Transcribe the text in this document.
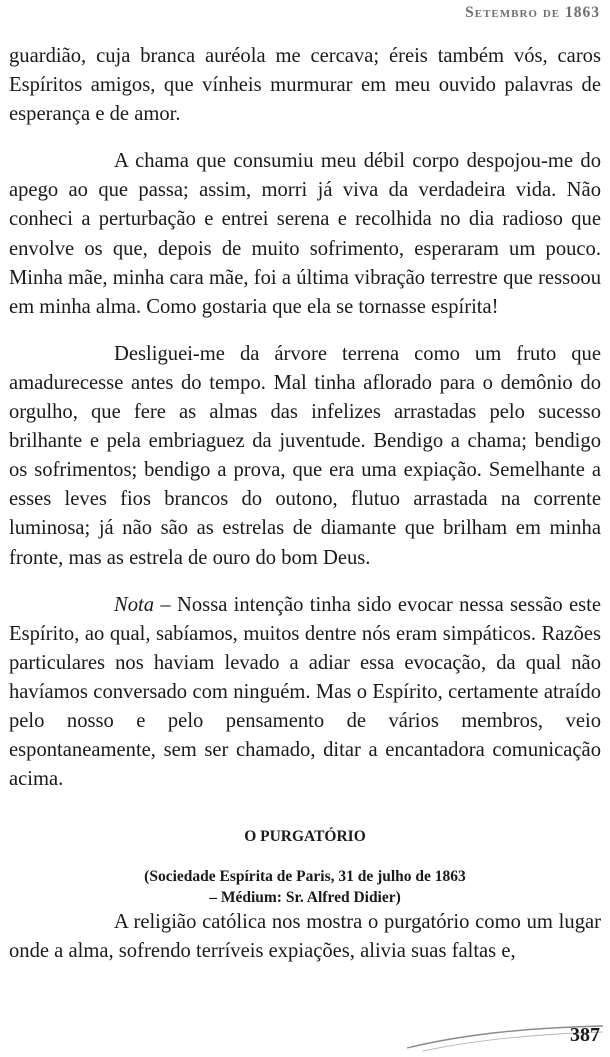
Setembro de 1863

guardião, cuja branca auréola me cercava; éreis também vós, caros Espíritos amigos, que vínheis murmurar em meu ouvido palavras de esperança e de amor.

A chama que consumiu meu débil corpo despojou-me do apego ao que passa; assim, morri já viva da verdadeira vida. Não conheci a perturbação e entrei serena e recolhida no dia radioso que envolve os que, depois de muito sofrimento, esperaram um pouco. Minha mãe, minha cara mãe, foi a última vibração terrestre que ressoou em minha alma. Como gostaria que ela se tornasse espírita!

Desliguei-me da árvore terrena como um fruto que amadurecesse antes do tempo. Mal tinha aflorado para o demônio do orgulho, que fere as almas das infelizes arrastadas pelo sucesso brilhante e pela embriaguez da juventude. Bendigo a chama; bendigo os sofrimentos; bendigo a prova, que era uma expiação. Semelhante a esses leves fios brancos do outono, flutuo arrastada na corrente luminosa; já não são as estrelas de diamante que brilham em minha fronte, mas as estrela de ouro do bom Deus.

Nota – Nossa intenção tinha sido evocar nessa sessão este Espírito, ao qual, sabíamos, muitos dentre nós eram simpáticos. Razões particulares nos haviam levado a adiar essa evocação, da qual não havíamos conversado com ninguém. Mas o Espírito, certamente atraído pelo nosso e pelo pensamento de vários membros, veio espontaneamente, sem ser chamado, ditar a encantadora comunicação acima.

O PURGATÓRIO
(Sociedade Espírita de Paris, 31 de julho de 1863
– Médium: Sr. Alfred Didier)

A religião católica nos mostra o purgatório como um lugar onde a alma, sofrendo terríveis expiações, alivia suas faltas e,

387
